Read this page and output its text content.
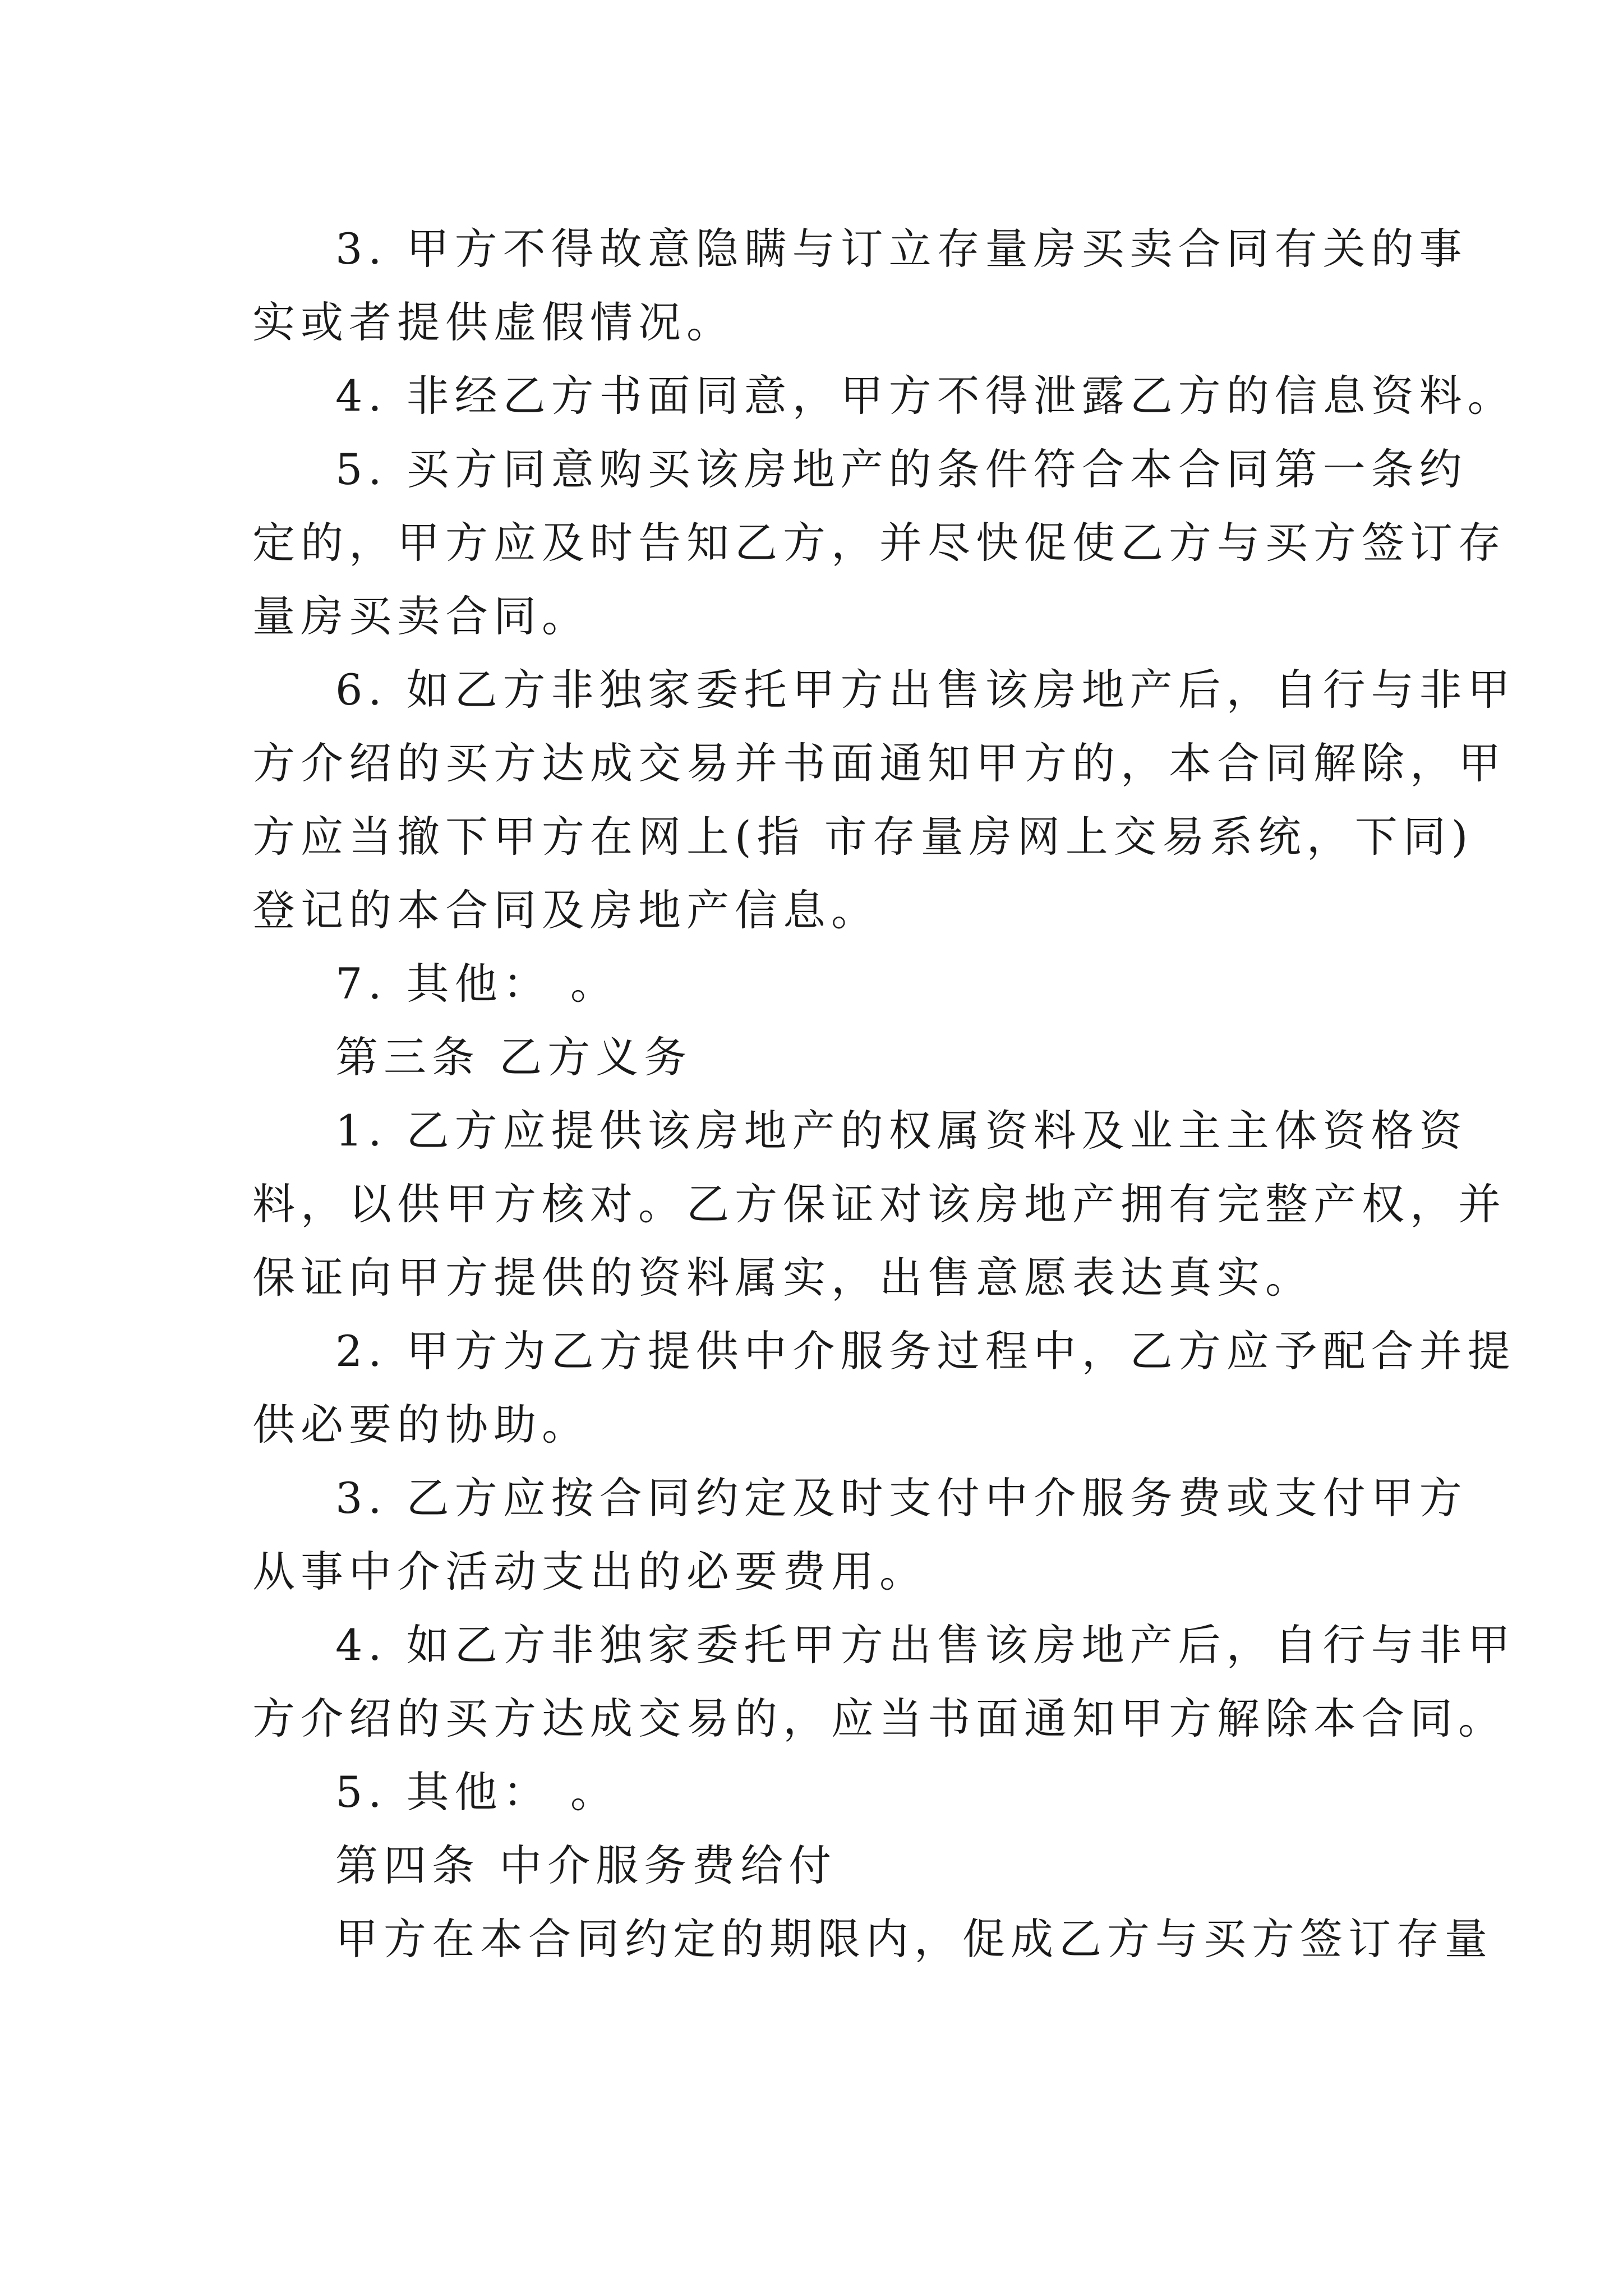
3. 甲方不得故意隐瞒与订立存量房买卖合同有关的事
实或者提供虚假情况。
4. 非经乙方书面同意，甲方不得泄露乙方的信息资料。
5. 买方同意购买该房地产的条件符合本合同第一条约
定的，甲方应及时告知乙方，并尽快促使乙方与买方签订存
量房买卖合同。
6. 如乙方非独家委托甲方出售该房地产后，自行与非甲
方介绍的买方达成交易并书面通知甲方的，本合同解除，甲
方应当撤下甲方在网上(指 市存量房网上交易系统，下同)
登记的本合同及房地产信息。
7. 其他： 。
第三条 乙方义务
1. 乙方应提供该房地产的权属资料及业主主体资格资
料，以供甲方核对。乙方保证对该房地产拥有完整产权，并
保证向甲方提供的资料属实，出售意愿表达真实。
2. 甲方为乙方提供中介服务过程中，乙方应予配合并提
供必要的协助。
3. 乙方应按合同约定及时支付中介服务费或支付甲方
从事中介活动支出的必要费用。
4. 如乙方非独家委托甲方出售该房地产后，自行与非甲
方介绍的买方达成交易的，应当书面通知甲方解除本合同。
5. 其他： 。
第四条 中介服务费给付
甲方在本合同约定的期限内，促成乙方与买方签订存量
